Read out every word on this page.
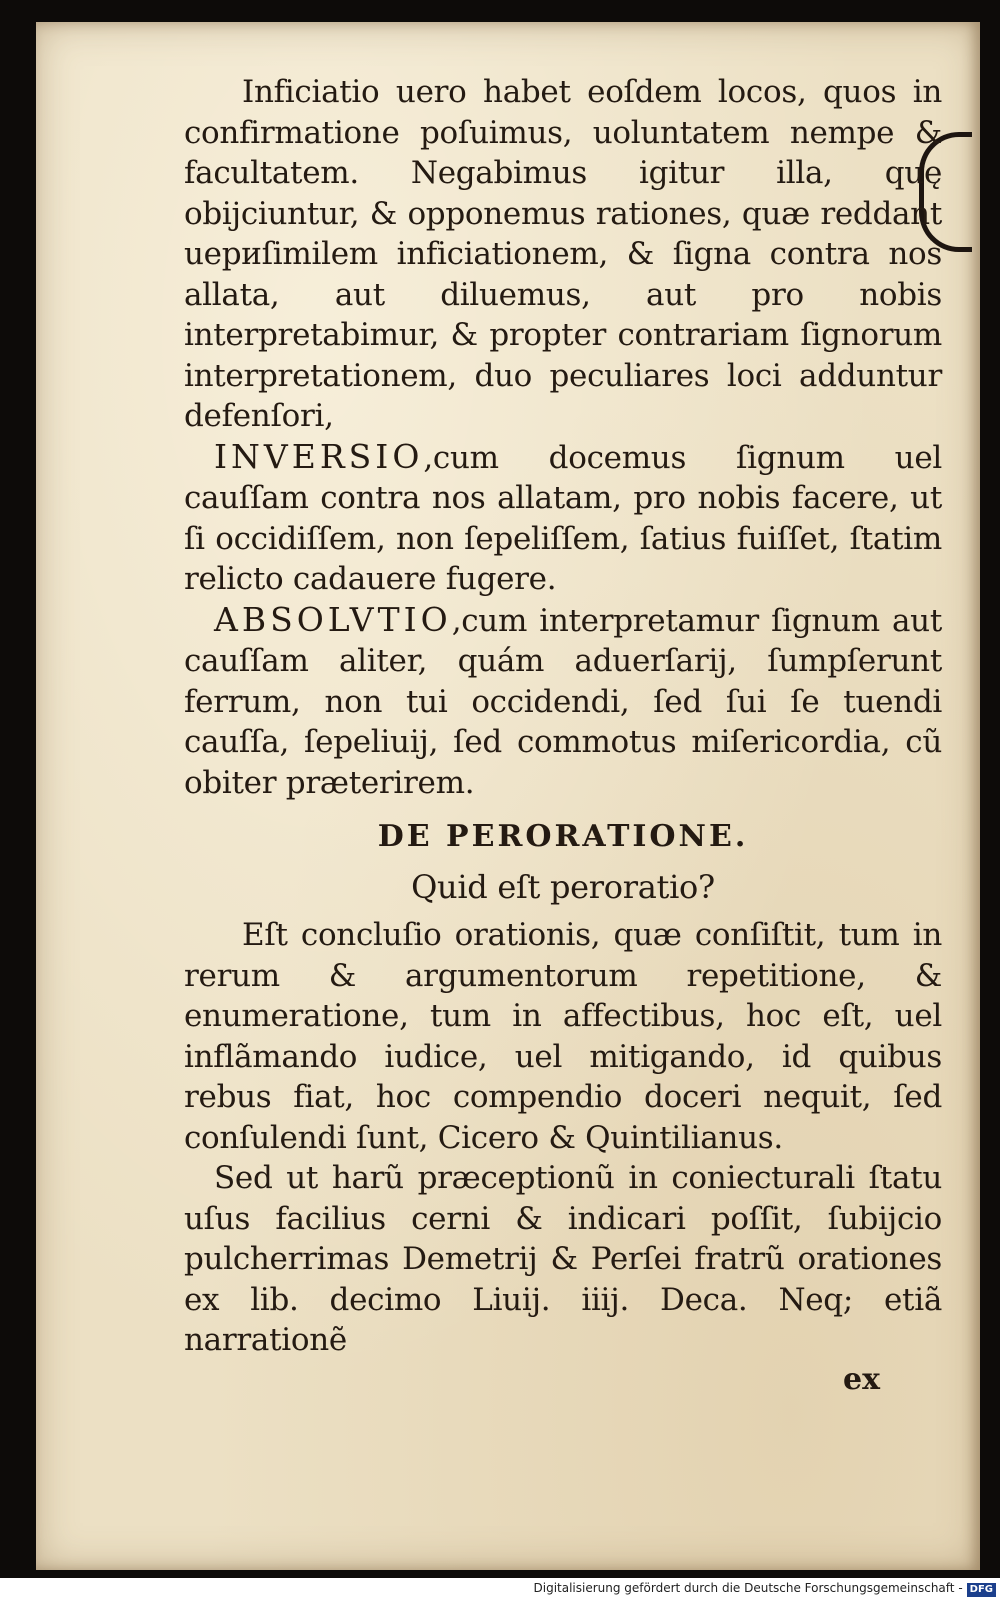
Inficiatio uero habet eoſdem locos, quos in confirmatione poſuimus, uoluntatem nempe & facultatem. Negabimus igitur illa, quę obijciuntur, & opponemus rationes, quæ reddant uериſimilem inficiationem, & ſigna contra nos allata, aut diluemus, aut pro nobis interpretabimur, & propter contrariam ſignorum interpretationem, duo peculiares loci adduntur defenſori,

INVERSIO,cum docemus ſignum uel cauſſam contra nos allatam, pro nobis facere, ut ſi occidiſſem, non ſepeliſſem, ſatius fuiſſet, ſtatim relicto cadauere fugere.

ABSOLVTIO,cum interpretamur ſignum aut cauſſam aliter, quám aduerſarij, ſumpſerunt ferrum, non tui occidendi, ſed ſui ſe tuendi cauſſa, ſepeliuij, ſed commotus miſericordia, cũ obiter præterirem.

DE PERORATIONE.
Quid eſt peroratio?

Eſt concluſio orationis, quæ conſiſtit, tum in rerum & argumentorum repetitione, & enumeratione, tum in affectibus, hoc eſt, uel inflãmando iudice, uel mitigando, id quibus rebus fiat, hoc compendio doceri nequit, ſed conſulendi ſunt, Cicero & Quintilianus.

Sed ut harũ præceptionũ in coniecturali ſtatu uſus facilius cerni & indicari poſſit, ſubijcio pulcherrimas Demetrij & Perſei fratrũ orationes ex lib. decimo Liuij. iiij. Deca. Neq; etiã narrationẽ

ex
Digitalisierung gefördert durch die Deutsche Forschungsgemeinschaft - DFG
